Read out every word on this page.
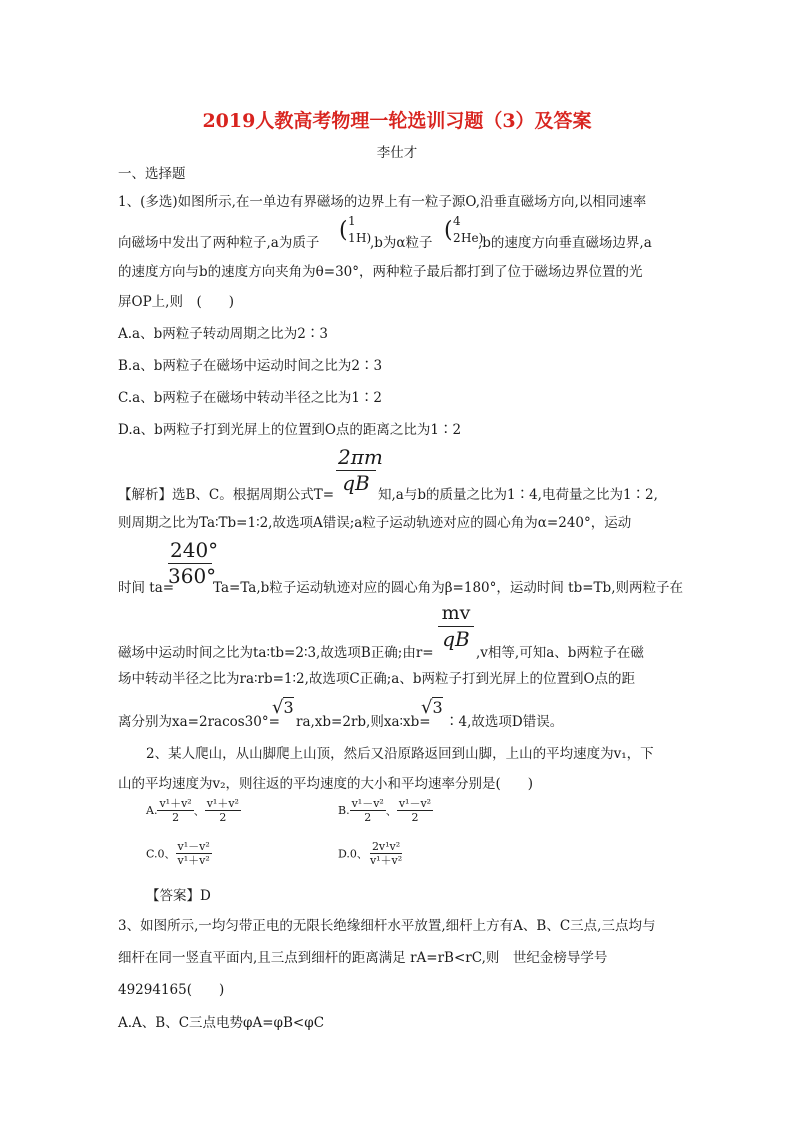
2019人教高考物理一轮选训习题（3）及答案
李仕才
一、选择题
1、(多选)如图所示,在一单边有界磁场的边界上有一粒子源O,沿垂直磁场方向,以相同速率
向磁场中发出了两种粒子,a为质子 ( 1
1 H)
,b为α粒子 ( 4
2 He)
,b的速度方向垂直磁场边界,a
的速度方向与b的速度方向夹角为θ=30°，两种粒子最后都打到了位于磁场边界位置的光
屏OP上,则　(　　)
A.a、b两粒子转动周期之比为2∶3
B.a、b两粒子在磁场中运动时间之比为2∶3
C.a、b两粒子在磁场中转动半径之比为1∶2
D.a、b两粒子打到光屏上的位置到O点的距离之比为1∶2
2πm
qB
【解析】选B、C。根据周期公式T=	知,a与b的质量之比为1∶4,电荷量之比为1∶2,
则周期之比为Ta∶Tb=1∶2,故选项A错误;a粒子运动轨迹对应的圆心角为α=240°，运动
240°
360°
时间 ta=	Ta=Ta,b粒子运动轨迹对应的圆心角为β=180°，运动时间 tb=Tb,则两粒子在
mv
qB
磁场中运动时间之比为ta∶tb=2∶3,故选项B正确;由r=	,v相等,可知a、b两粒子在磁
场中转动半径之比为ra∶rb=1∶2,故选项C正确;a、b两粒子打到光屏上的位置到O点的距
离分别为xa=2racos30°=
√3
ra,xb=2rb,则xa∶xb=
√3
∶4,故选项D错误。
2、某人爬山，从山脚爬上山顶，然后又沿原路返回到山脚，上山的平均速度为v₁，下
山的平均速度为v₂，则往返的平均速度的大小和平均速率分别是(　　)
A. $\frac{\text{v¹＋v²}}{2}$ 、 $\frac{\text{v¹＋v²}}{2}$	B. $\frac{\text{v¹－v²}}{2}$ 、 $\frac{\text{v¹－v²}}{2}$
C.0、 $\frac{\text{v¹－v²}}{\text{v¹＋v²}}$	D.0、 $\frac{\text{2v¹v²}}{\text{v¹＋v²}}$
【答案】D
3、如图所示,一均匀带正电的无限长绝缘细杆水平放置,细杆上方有A、B、C三点,三点均与
细杆在同一竖直平面内,且三点到细杆的距离满足 rA=rB<rC,则　世纪金榜导学号
49294165(　　)
A.A、B、C三点电势φA=φB<φC
